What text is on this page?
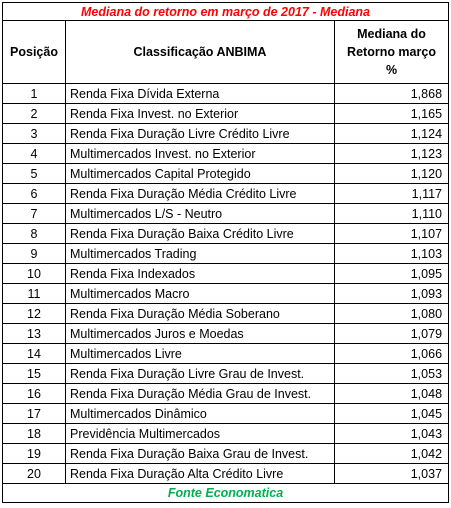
Mediana do retorno em março de 2017 - Mediana		
Posição	Classificação ANBIMA	Mediana do
Retorno março
%
1	Renda Fixa Dívida Externa	1,868
2	Renda Fixa Invest. no Exterior	1,165
3	Renda Fixa Duração Livre Crédito Livre	1,124
4	Multimercados Invest. no Exterior	1,123
5	Multimercados Capital Protegido	1,120
6	Renda Fixa Duração Média Crédito Livre	1,117
7	Multimercados L/S - Neutro	1,110
8	Renda Fixa Duração Baixa Crédito Livre	1,107
9	Multimercados Trading	1,103
10	Renda Fixa Indexados	1,095
11	Multimercados Macro	1,093
12	Renda Fixa Duração Média Soberano	1,080
13	Multimercados Juros e Moedas	1,079
14	Multimercados Livre	1,066
15	Renda Fixa Duração Livre Grau de Invest.	1,053
16	Renda Fixa Duração Média Grau de Invest.	1,048
17	Multimercados Dinâmico	1,045
18	Previdência Multimercados	1,043
19	Renda Fixa Duração Baixa Grau de Invest.	1,042
20	Renda Fixa Duração Alta Crédito Livre	1,037
Fonte Economatica		
